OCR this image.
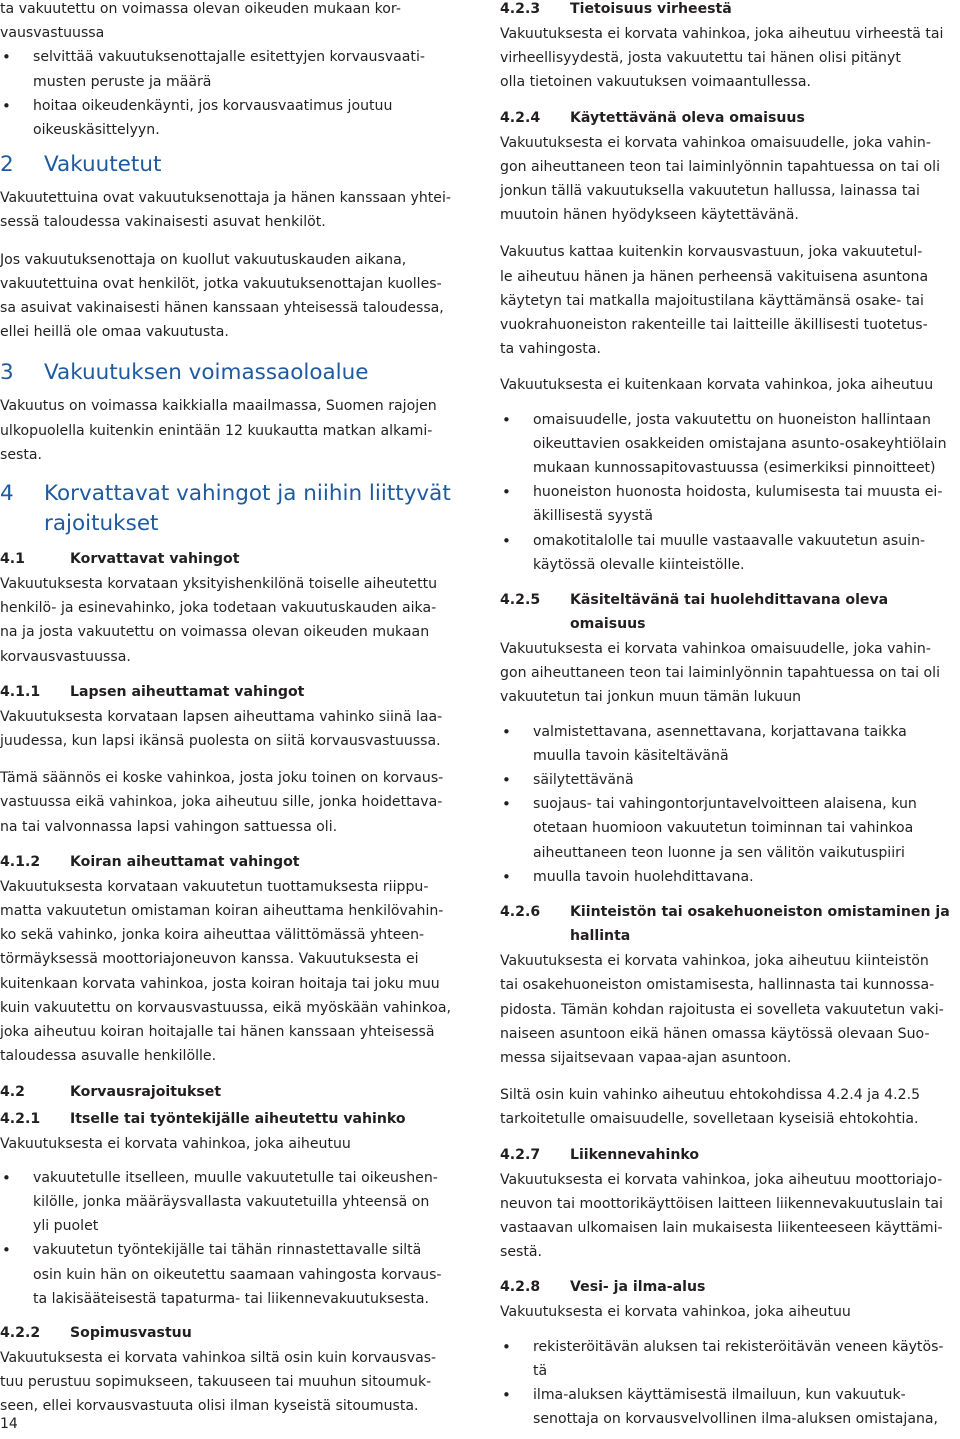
ta vakuutettu on voimassa olevan oikeuden mukaan kor-

vausvastuussa

• selvittää vakuutuksenottajalle esitettyjen korvausvaati-
musten peruste ja määrä
• hoitaa oikeudenkäynti, jos korvausvaatimus joutuu
oikeuskäsittelyyn.
2 Vakuutetut

Vakuutettuina ovat vakuutuksenottaja ja hänen kanssaan yhtei-
sessä taloudessa vakinaisesti asuvat henkilöt.

Jos vakuutuksenottaja on kuollut vakuutuskauden aikana,
vakuutettuina ovat henkilöt, jotka vakuutuksenottajan kuolles-
sa asuivat vakinaisesti hänen kanssaan yhteisessä taloudessa,
ellei heillä ole omaa vakuutusta.

3 Vakuutuksen voimassaoloalue

Vakuutus on voimassa kaikkialla maailmassa, Suomen rajojen
ulkopuolella kuitenkin enintään 12 kuukautta matkan alkami-
sesta.

4	Korvattavat vahingot ja niihin liittyvät
rajoitukset
4.1	Korvattavat vahingot

Vakuutuksesta korvataan yksityishenkilönä toiselle aiheutettu
henkilö- ja esinevahinko, joka todetaan vakuutuskauden aika-
na ja josta vakuutettu on voimassa olevan oikeuden mukaan
korvausvastuussa.

4.1.1	Lapsen aiheuttamat vahingot

Vakuutuksesta korvataan lapsen aiheuttama vahinko siinä laa-
juudessa, kun lapsi ikänsä puolesta on siitä korvausvastuussa.

Tämä säännös ei koske vahinkoa, josta joku toinen on korvaus-
vastuussa eikä vahinkoa, joka aiheutuu sille, jonka hoidettava-
na tai valvonnassa lapsi vahingon sattuessa oli.

4.1.2	Koiran aiheuttamat vahingot

Vakuutuksesta korvataan vakuutetun tuottamuksesta riippu-
matta vakuutetun omistaman koiran aiheuttama henkilövahin-
ko sekä vahinko, jonka koira aiheuttaa välittömässä yhteen-
törmäyksessä moottoriajoneuvon kanssa. Vakuutuksesta ei
kuitenkaan korvata vahinkoa, josta koiran hoitaja tai joku muu
kuin vakuutettu on korvausvastuussa, eikä myöskään vahinkoa,
joka aiheutuu koiran hoitajalle tai hänen kanssaan yhteisessä
taloudessa asuvalle henkilölle.

4.2	Korvausrajoitukset
4.2.1	Itselle tai työntekijälle aiheutettu vahinko

Vakuutuksesta ei korvata vahinkoa, joka aiheutuu

• vakuutetulle itselleen, muulle vakuutetulle tai oikeushen-
kilölle, jonka määräysvallasta vakuutetuilla yhteensä on
yli puolet
• vakuutetun työntekijälle tai tähän rinnastettavalle siltä
osin kuin hän on oikeutettu saamaan vahingosta korvaus-
ta lakisääteisestä tapaturma- tai liikennevakuutuksesta.
4.2.2	Sopimusvastuu

Vakuutuksesta ei korvata vahinkoa siltä osin kuin korvausvas-
tuu perustuu sopimukseen, takuuseen tai muuhun sitoumuk-
seen, ellei korvausvastuuta olisi ilman kyseistä sitoumusta.

4.2.3	Tietoisuus virheestä

Vakuutuksesta ei korvata vahinkoa, joka aiheutuu virheestä tai
virheellisyydestä, josta vakuutettu tai hänen olisi pitänyt
olla tietoinen vakuutuksen voimaantullessa.

4.2.4	Käytettävänä oleva omaisuus

Vakuutuksesta ei korvata vahinkoa omaisuudelle, joka vahin-
gon aiheuttaneen teon tai laiminlyönnin tapahtuessa on tai oli
jonkun tällä vakuutuksella vakuutetun hallussa, lainassa tai
muutoin hänen hyödykseen käytettävänä.

Vakuutus kattaa kuitenkin korvausvastuun, joka vakuutetul-
le aiheutuu hänen ja hänen perheensä vakituisena asuntona
käytetyn tai matkalla majoitustilana käyttämänsä osake- tai
vuokrahuoneiston rakenteille tai laitteille äkillisesti tuotetus-
ta vahingosta.

Vakuutuksesta ei kuitenkaan korvata vahinkoa, joka aiheutuu

• omaisuudelle, josta vakuutettu on huoneiston hallintaan
oikeuttavien osakkeiden omistajana asunto-osakeyhtiölain
mukaan kunnossapitovastuussa (esimerkiksi pinnoitteet)
• huoneiston huonosta hoidosta, kulumisesta tai muusta ei-
äkillisestä syystä
• omakotitalolle tai muulle vastaavalle vakuutetun asuin-
käytössä olevalle kiinteistölle.
4.2.5	Käsiteltävänä tai huolehdittavana oleva omaisuus

Vakuutuksesta ei korvata vahinkoa omaisuudelle, joka vahin-
gon aiheuttaneen teon tai laiminlyönnin tapahtuessa on tai oli
vakuutetun tai jonkun muun tämän lukuun

• valmistettavana, asennettavana, korjattavana taikka
muulla tavoin käsiteltävänä
• säilytettävänä
• suojaus- tai vahingontorjuntavelvoitteen alaisena, kun
otetaan huomioon vakuutetun toiminnan tai vahinkoa
aiheuttaneen teon luonne ja sen välitön vaikutuspiiri
• muulla tavoin huolehdittavana.
4.2.6	Kiinteistön tai osakehuoneiston omistaminen ja
hallinta

Vakuutuksesta ei korvata vahinkoa, joka aiheutuu kiinteistön
tai osakehuoneiston omistamisesta, hallinnasta tai kunnossa-
pidosta. Tämän kohdan rajoitusta ei sovelleta vakuutetun vaki-
naiseen asuntoon eikä hänen omassa käytössä olevaan Suo-
messa sijaitsevaan vapaa-ajan asuntoon.

Siltä osin kuin vahinko aiheutuu ehtokohdissa 4.2.4 ja 4.2.5
tarkoitetulle omaisuudelle, sovelletaan kyseisiä ehtokohtia.

4.2.7	Liikennevahinko

Vakuutuksesta ei korvata vahinkoa, joka aiheutuu moottoriajo-
neuvon tai moottorikäyttöisen laitteen liikennevakuutuslain tai
vastaavan ulkomaisen lain mukaisesta liikenteeseen käyttämi-
sestä.

4.2.8	Vesi- ja ilma-alus

Vakuutuksesta ei korvata vahinkoa, joka aiheutuu

• rekisteröitävän aluksen tai rekisteröitävän veneen käytös-
tä
• ilma-aluksen käyttämisestä ilmailuun, kun vakuutuk-
senottaja on korvausvelvollinen ilma-aluksen omistajana,
14
